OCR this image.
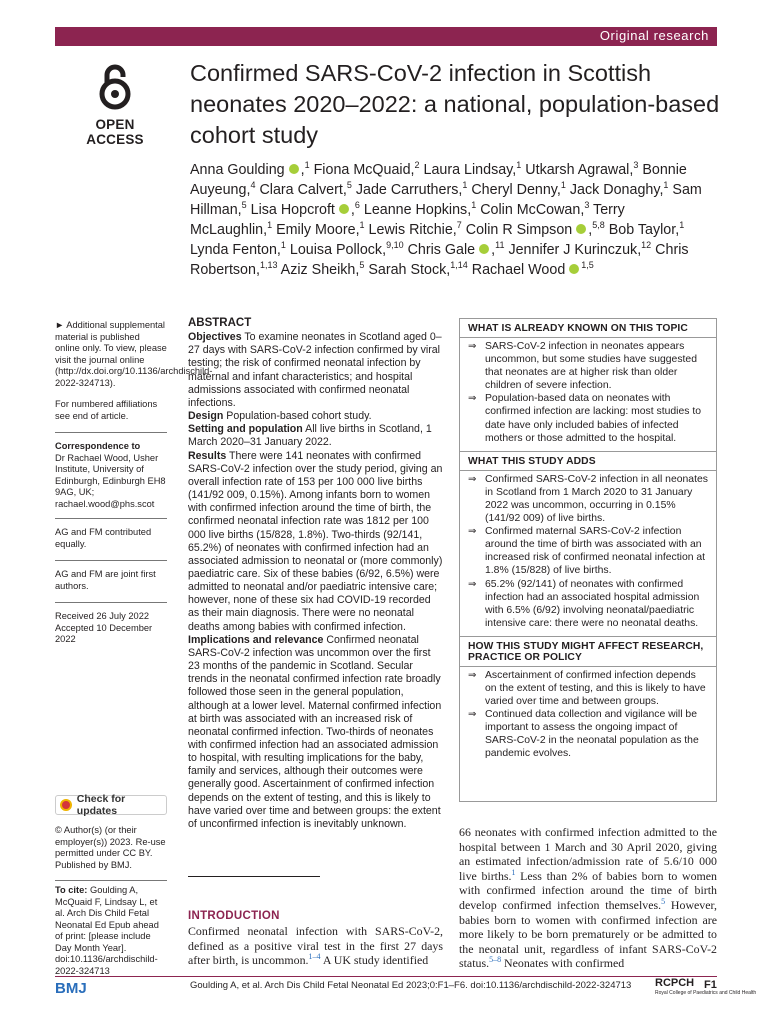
Original research
OPEN ACCESS
Confirmed SARS-CoV-2 infection in Scottish neonates 2020–2022: a national, population-based cohort study

Anna Goulding ,$^1$ Fiona McQuaid,$^2$ Laura Lindsay,$^1$ Utkarsh Agrawal,$^3$ Bonnie Auyeung,$^4$ Clara Calvert,$^5$ Jade Carruthers,$^1$ Cheryl Denny,$^1$ Jack Donaghy,$^1$ Sam Hillman,$^5$ Lisa Hopcroft ,$^6$ Leanne Hopkins,$^1$ Colin McCowan,$^3$ Terry McLaughlin,$^1$ Emily Moore,$^1$ Lewis Ritchie,$^7$ Colin R Simpson ,$^{5,8}$ Bob Taylor,$^1$ Lynda Fenton,$^1$ Louisa Pollock,$^{9,10}$ Chris Gale ,$^{11}$ Jennifer J Kurinczuk,$^{12}$ Chris Robertson,$^{1,13}$ Aziz Sheikh,$^5$ Sarah Stock,$^{1,14}$ Rachael Wood $^{1,5}$

► Additional supplemental material is published online only. To view, please visit the journal online (http://dx.doi.org/10.1136/archdischild-2022-324713).

For numbered affiliations see end of article.

Correspondence to
Dr Rachael Wood, Usher Institute, University of Edinburgh, Edinburgh EH8 9AG, UK; rachael.wood@phs.scot

AG and FM contributed equally.

AG and FM are joint first authors.

Received 26 July 2022

Accepted 10 December 2022

Check for updates
© Author(s) (or their employer(s)) 2023. Re-use permitted under CC BY. Published by BMJ.
To cite: Goulding A, McQuaid F, Lindsay L, et al. Arch Dis Child Fetal Neonatal Ed Epub ahead of print: [please include Day Month Year]. doi:10.1136/archdischild-2022-324713
ABSTRACT

Objectives To examine neonates in Scotland aged 0–27 days with SARS-CoV-2 infection confirmed by viral testing; the risk of confirmed neonatal infection by maternal and infant characteristics; and hospital admissions associated with confirmed neonatal infections.

Design Population-based cohort study.

Setting and population All live births in Scotland, 1 March 2020–31 January 2022.

Results There were 141 neonates with confirmed SARS-CoV-2 infection over the study period, giving an overall infection rate of 153 per 100 000 live births (141/92 009, 0.15%). Among infants born to women with confirmed infection around the time of birth, the confirmed neonatal infection rate was 1812 per 100 000 live births (15/828, 1.8%). Two-thirds (92/141, 65.2%) of neonates with confirmed infection had an associated admission to neonatal or (more commonly) paediatric care. Six of these babies (6/92, 6.5%) were admitted to neonatal and/or paediatric intensive care; however, none of these six had COVID-19 recorded as their main diagnosis. There were no neonatal deaths among babies with confirmed infection.

Implications and relevance Confirmed neonatal SARS-CoV-2 infection was uncommon over the first 23 months of the pandemic in Scotland. Secular trends in the neonatal confirmed infection rate broadly followed those seen in the general population, although at a lower level. Maternal confirmed infection at birth was associated with an increased risk of neonatal confirmed infection. Two-thirds of neonates with confirmed infection had an associated admission to hospital, with resulting implications for the baby, family and services, although their outcomes were generally good. Ascertainment of confirmed infection depends on the extent of testing, and this is likely to have varied over time and between groups: the extent of unconfirmed infection is inevitably unknown.

INTRODUCTION

Confirmed neonatal infection with SARS-CoV-2, defined as a positive viral test in the first 27 days after birth, is uncommon.$^{1-4}$ A UK study identified

WHAT IS ALREADY KNOWN ON THIS TOPIC
⇒ SARS-CoV-2 infection in neonates appears uncommon, but some studies have suggested that neonates are at higher risk than older children of severe infection.
⇒ Population-based data on neonates with confirmed infection are lacking: most studies to date have only included babies of infected mothers or those admitted to the hospital.
WHAT THIS STUDY ADDS
⇒ Confirmed SARS-CoV-2 infection in all neonates in Scotland from 1 March 2020 to 31 January 2022 was uncommon, occurring in 0.15% (141/92 009) of live births.
⇒ Confirmed maternal SARS-CoV-2 infection around the time of birth was associated with an increased risk of confirmed neonatal infection at 1.8% (15/828) of live births.
⇒ 65.2% (92/141) of neonates with confirmed infection had an associated hospital admission with 6.5% (6/92) involving neonatal/paediatric intensive care: there were no neonatal deaths.
HOW THIS STUDY MIGHT AFFECT RESEARCH, PRACTICE OR POLICY
⇒ Ascertainment of confirmed infection depends on the extent of testing, and this is likely to have varied over time and between groups.
⇒ Continued data collection and vigilance will be important to assess the ongoing impact of SARS-CoV-2 in the neonatal population as the pandemic evolves.

66 neonates with confirmed infection admitted to the hospital between 1 March and 30 April 2020, giving an estimated infection/admission rate of 5.6/10 000 live births.$^1$ Less than 2% of babies born to women with confirmed infection around the time of birth develop confirmed infection themselves.$^5$ However, babies born to women with confirmed infection are more likely to be born prematurely or be admitted to the neonatal unit, regardless of infant SARS-CoV-2 status.$^{5-8}$ Neonates with confirmed

BMJ	Goulding A, et al. Arch Dis Child Fetal Neonatal Ed 2023;0:F1–F6. doi:10.1136/archdischild-2022-324713 RCPCH
Royal College of Paediatrics and Child Health
F1
